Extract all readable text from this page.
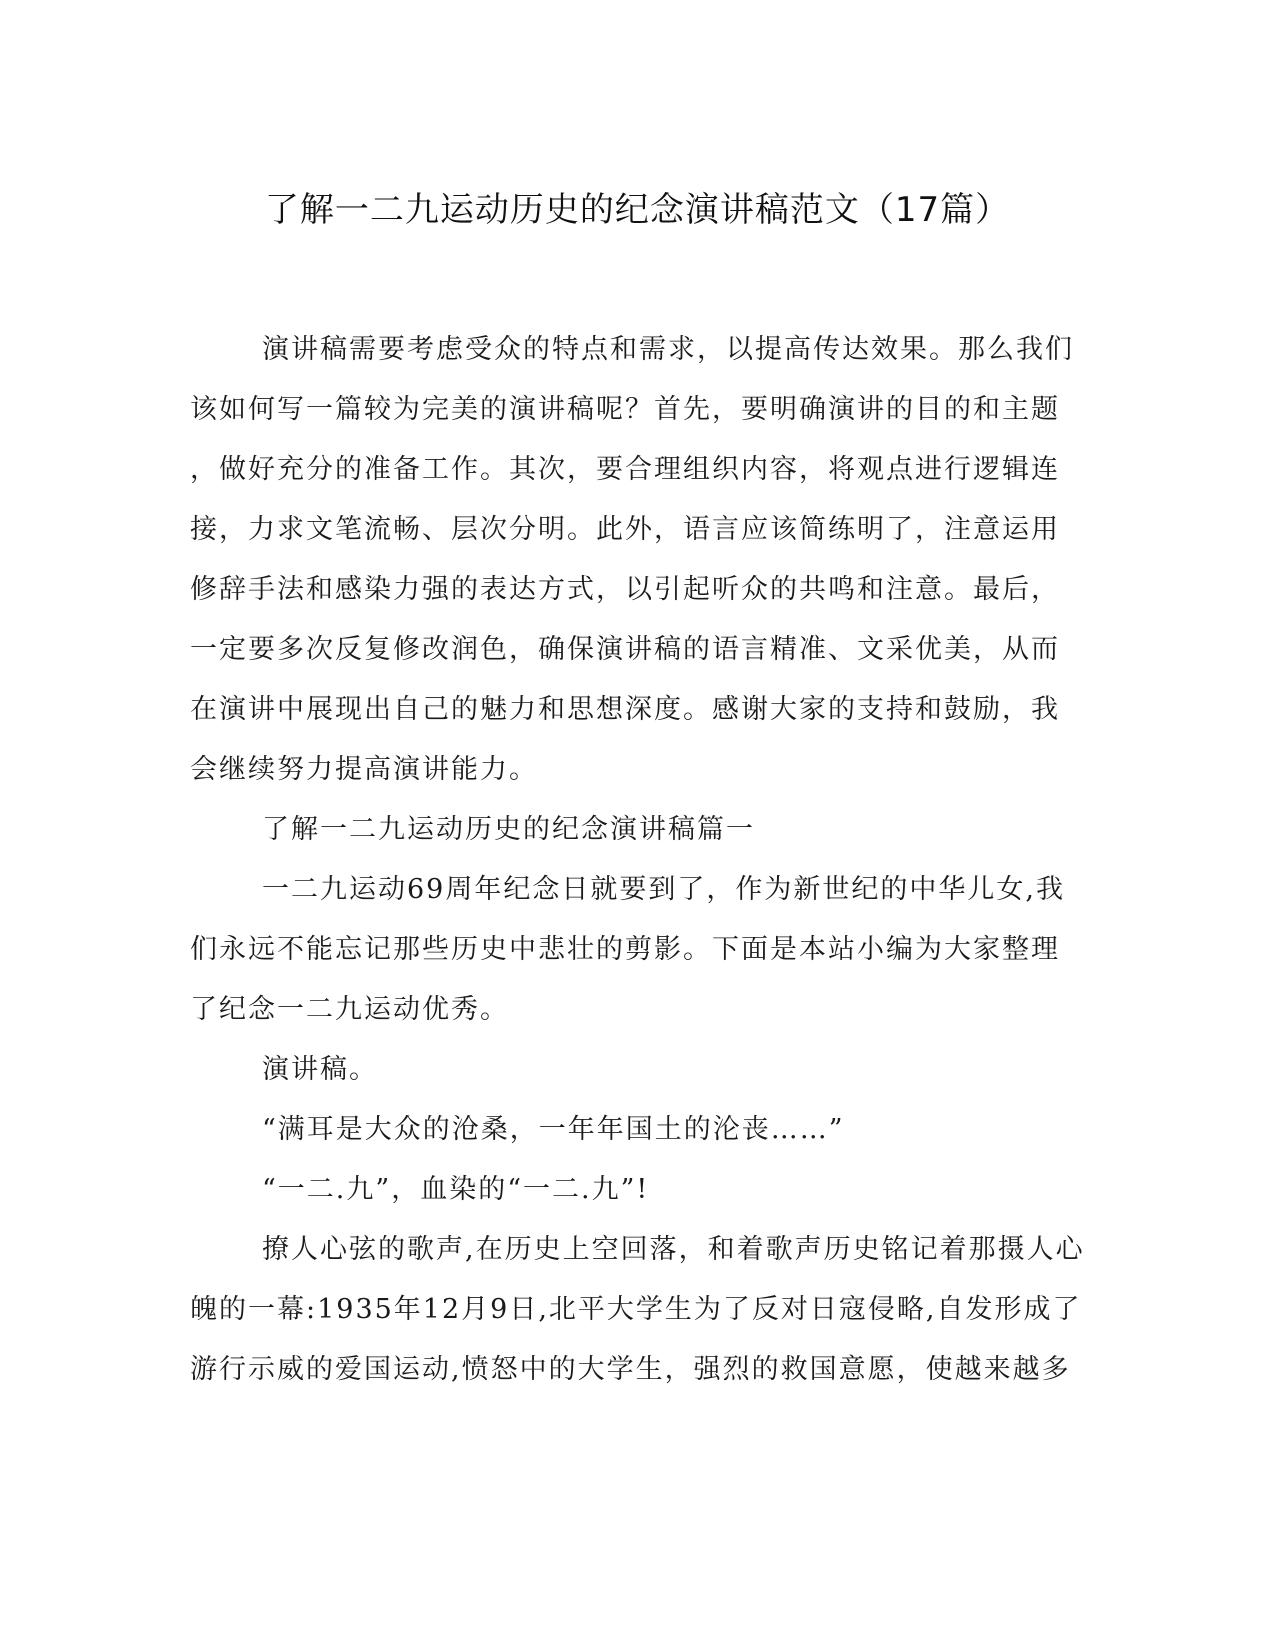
了解一二九运动历史的纪念演讲稿范文（17篇）

演讲稿需要考虑受众的特点和需求，以提高传达效果。那么我们

该如何写一篇较为完美的演讲稿呢？首先，要明确演讲的目的和主题

，做好充分的准备工作。其次，要合理组织内容，将观点进行逻辑连

接，力求文笔流畅、层次分明。此外，语言应该简练明了，注意运用

修辞手法和感染力强的表达方式，以引起听众的共鸣和注意。最后，

一定要多次反复修改润色，确保演讲稿的语言精准、文采优美，从而

在演讲中展现出自己的魅力和思想深度。感谢大家的支持和鼓励，我

会继续努力提高演讲能力。

了解一二九运动历史的纪念演讲稿篇一

一二九运动69周年纪念日就要到了，作为新世纪的中华儿女,我

们永远不能忘记那些历史中悲壮的剪影。下面是本站小编为大家整理

了纪念一二九运动优秀。

演讲稿。

“满耳是大众的沧桑，一年年国土的沦丧……”

“一二.九”，血染的“一二.九”!

撩人心弦的歌声,在历史上空回落，和着歌声历史铭记着那摄人心

魄的一幕:1935年12月9日,北平大学生为了反对日寇侵略,自发形成了

游行示威的爱国运动,愤怒中的大学生，强烈的救国意愿，使越来越多
